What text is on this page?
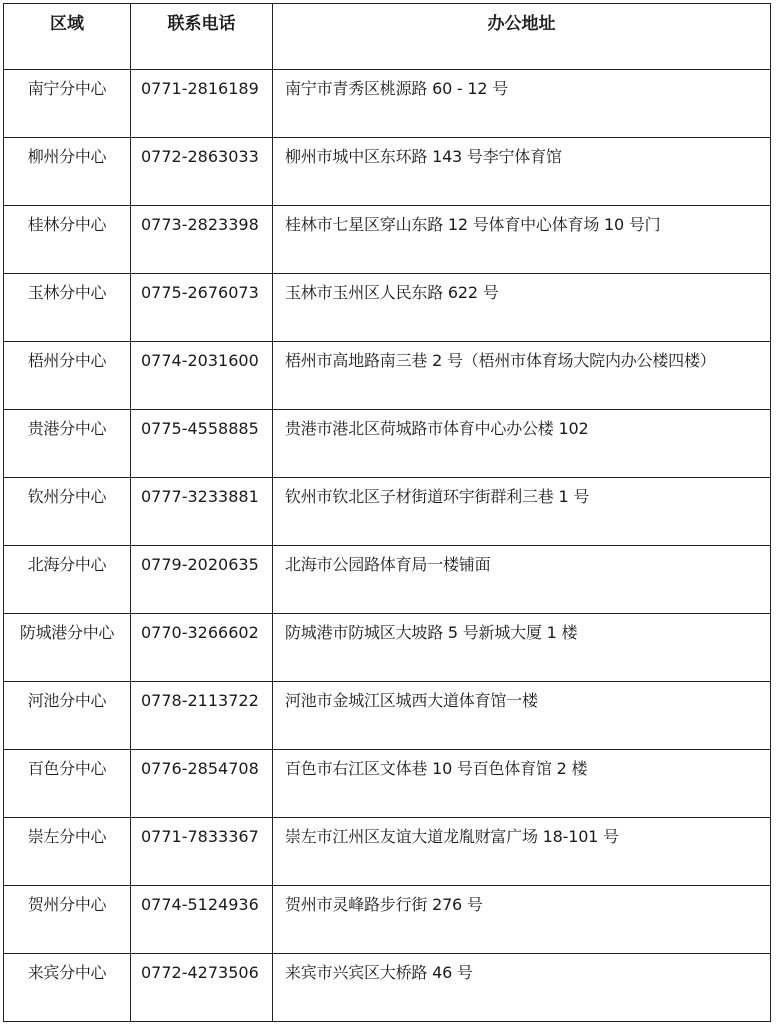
区域	联系电话	办公地址
南宁分中心	0771-2816189	南宁市青秀区桃源路 60 - 12 号
柳州分中心	0772-2863033	柳州市城中区东环路 143 号李宁体育馆
桂林分中心	0773-2823398	桂林市七星区穿山东路 12 号体育中心体育场 10 号门
玉林分中心	0775-2676073	玉林市玉州区人民东路 622 号
梧州分中心	0774-2031600	梧州市高地路南三巷 2 号（梧州市体育场大院内办公楼四楼）
贵港分中心	0775-4558885	贵港市港北区荷城路市体育中心办公楼 102
钦州分中心	0777-3233881	钦州市钦北区子材街道环宇街群利三巷 1 号
北海分中心	0779-2020635	北海市公园路体育局一楼铺面
防城港分中心	0770-3266602	防城港市防城区大坡路 5 号新城大厦 1 楼
河池分中心	0778-2113722	河池市金城江区城西大道体育馆一楼
百色分中心	0776-2854708	百色市右江区文体巷 10 号百色体育馆 2 楼
崇左分中心	0771-7833367	崇左市江州区友谊大道龙胤财富广场 18-101 号
贺州分中心	0774-5124936	贺州市灵峰路步行街 276 号
来宾分中心	0772-4273506	来宾市兴宾区大桥路 46 号
